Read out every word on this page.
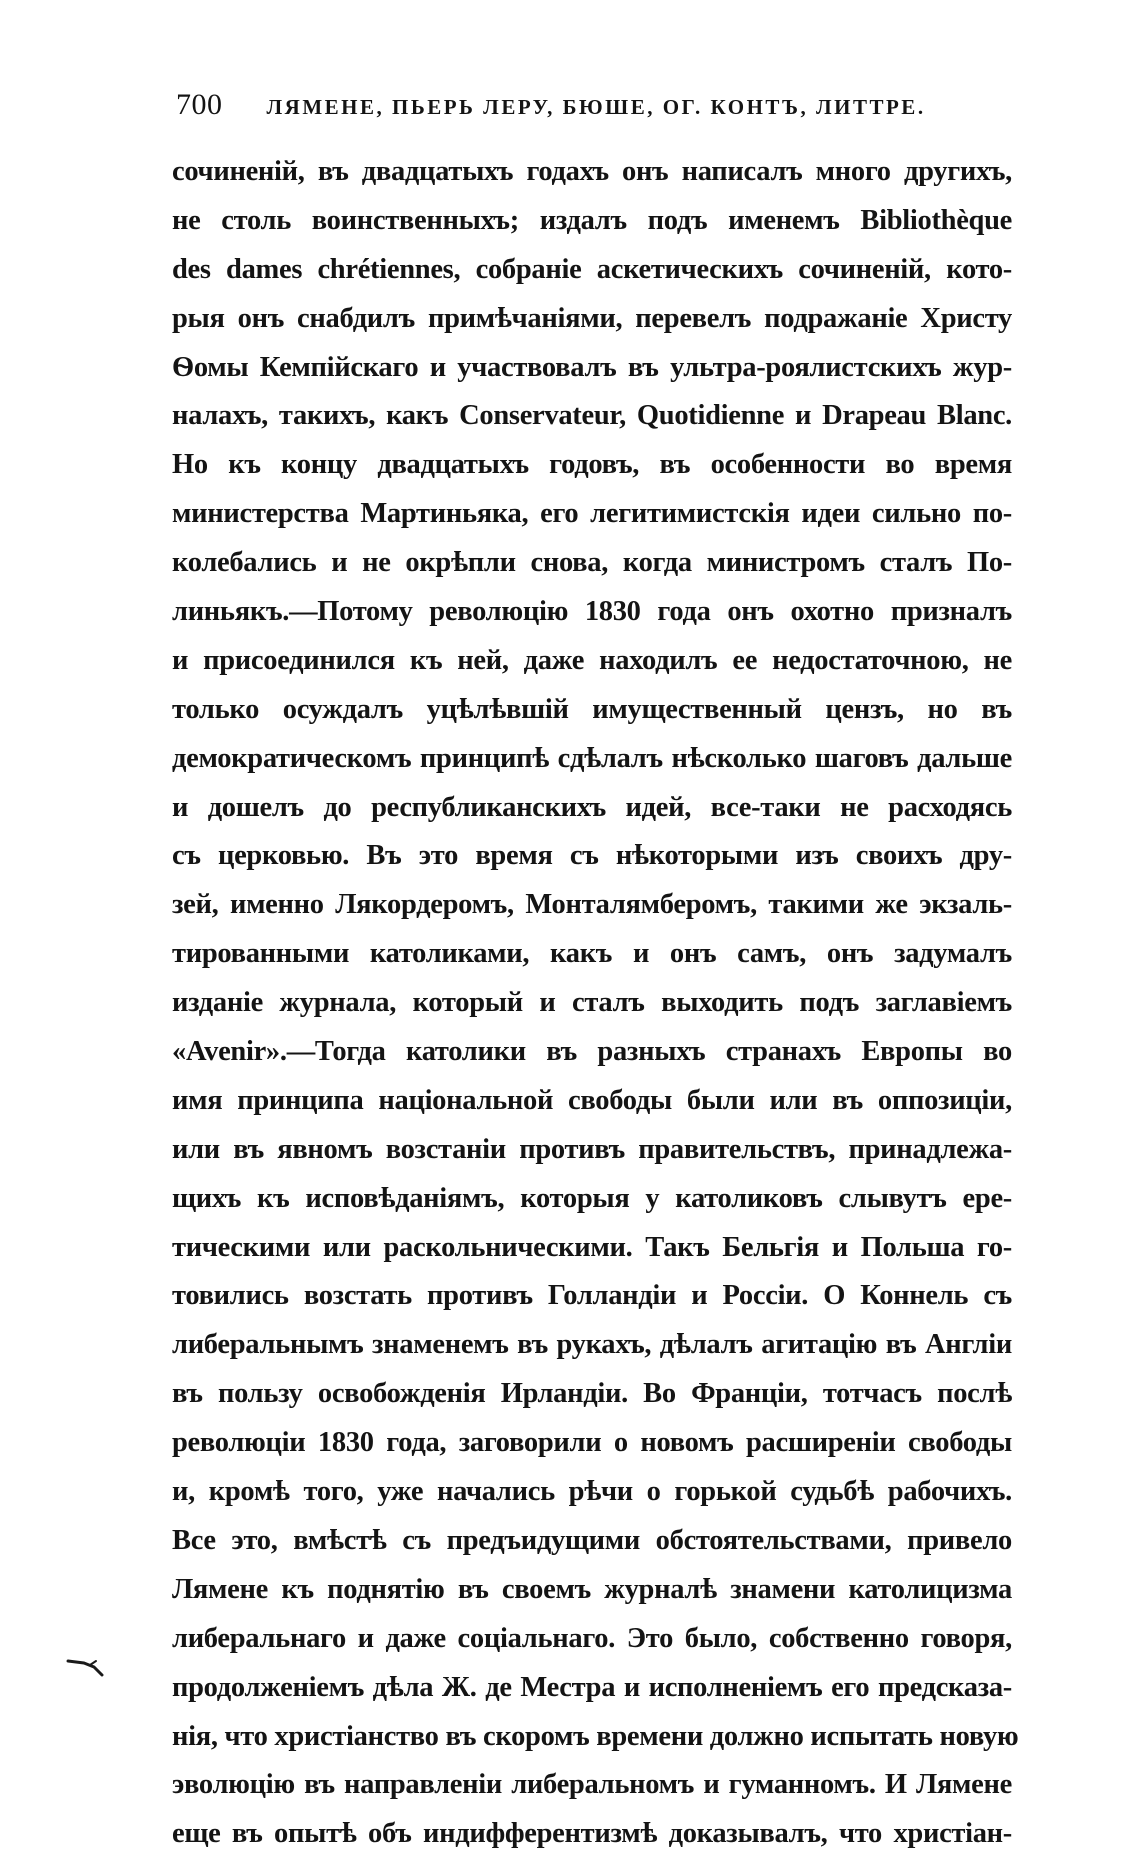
700 ЛЯМЕНЕ, ПЬЕРЬ ЛЕРУ, БЮШЕ, ОГ. КОНТЪ, ЛИТТРЕ.
сочиненій, въ двадцатыхъ годахъ онъ написалъ много другихъ,
не столь воинственныхъ; издалъ подъ именемъ Bibliothèque
des dames chrétiennes, собраніе аскетическихъ сочиненій, кото-
рыя онъ снабдилъ примѣчаніями, перевелъ подражаніе Христу
Ѳомы Кемпійскаго и участвовалъ въ ультра-роялистскихъ жур-
налахъ, такихъ, какъ Conservateur, Quotidienne и Drapeau Blanc.
Но къ концу двадцатыхъ годовъ, въ особенности во время
министерства Мартиньяка, его легитимистскія идеи сильно по-
колебались и не окрѣпли снова, когда министромъ сталъ По-
линьякъ.—Потому революцію 1830 года онъ охотно призналъ
и присоединился къ ней, даже находилъ ее недостаточною, не
только осуждалъ уцѣлѣвшій имущественный цензъ, но въ
демократическомъ принципѣ сдѣлалъ нѣсколько шаговъ дальше
и дошелъ до республиканскихъ идей, все-таки не расходясь
съ церковью. Въ это время съ нѣкоторыми изъ своихъ дру-
зей, именно Лякордеромъ, Монталямберомъ, такими же экзаль-
тированными католиками, какъ и онъ самъ, онъ задумалъ
изданіе журнала, который и сталъ выходить подъ заглавіемъ
«Avenir».—Тогда католики въ разныхъ странахъ Европы во
имя принципа національной свободы были или въ оппозиціи,
или въ явномъ возстаніи противъ правительствъ, принадлежа-
щихъ къ исповѣданіямъ, которыя у католиковъ слывутъ ере-
тическими или раскольническими. Такъ Бельгія и Польша го-
товились возстать противъ Голландіи и Россіи. О Коннель съ
либеральнымъ знаменемъ въ рукахъ, дѣлалъ агитацію въ Англіи
въ пользу освобожденія Ирландіи. Во Франціи, тотчасъ послѣ
революціи 1830 года, заговорили о новомъ расширеніи свободы
и, кромѣ того, уже начались рѣчи о горькой судьбѣ рабочихъ.
Все это, вмѣстѣ съ предъидущими обстоятельствами, привело
Лямене къ поднятію въ своемъ журналѣ знамени католицизма
либеральнаго и даже соціальнаго. Это было, собственно говоря,
продолженіемъ дѣла Ж. де Местра и исполненіемъ его предсказа-
нія, что христіанство въ скоромъ времени должно испытать новую
эволюцію въ направленіи либеральномъ и гуманномъ. И Лямене
еще въ опытѣ объ индифферентизмѣ доказывалъ, что христіан-
